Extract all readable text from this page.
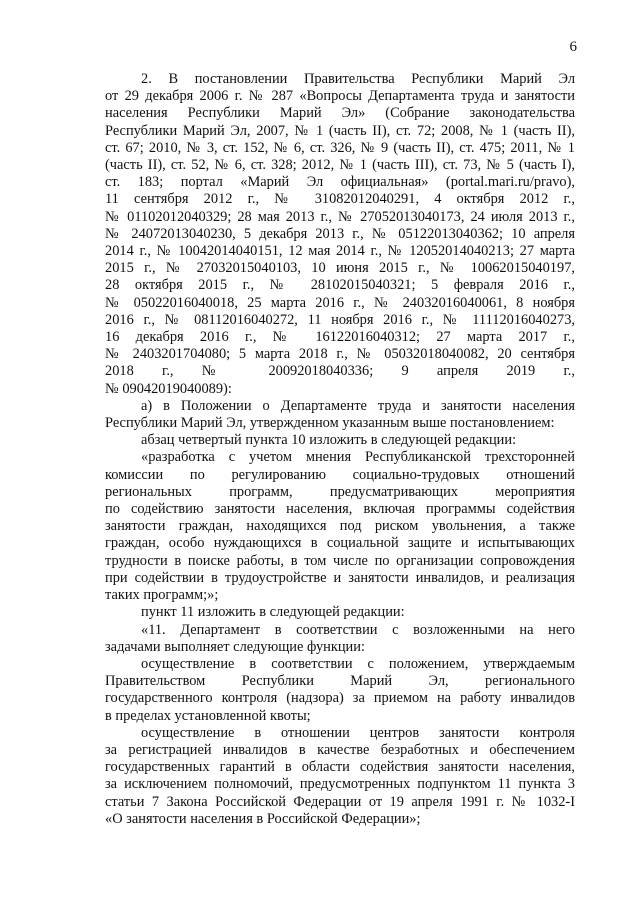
6

2. В постановлении Правительства Республики Марий Эл

от 29 декабря 2006 г. № 287 «Вопросы Департамента труда и занятости

населения Республики Марий Эл» (Собрание законодательства

Республики Марий Эл, 2007, № 1 (часть II), ст. 72; 2008, № 1 (часть II),

ст. 67; 2010, № 3, ст. 152, № 6, ст. 326, № 9 (часть II), ст. 475; 2011, № 1

(часть II), ст. 52, № 6, ст. 328; 2012, № 1 (часть III), ст. 73, № 5 (часть I),

ст. 183; портал «Марий Эл официальная» (portal.mari.ru/pravo),

11 сентября 2012 г., № 31082012040291, 4 октября 2012 г.,

№ 01102012040329; 28 мая 2013 г., № 27052013040173, 24 июля 2013 г.,

№ 24072013040230, 5 декабря 2013 г., № 05122013040362; 10 апреля

2014 г., № 10042014040151, 12 мая 2014 г., № 12052014040213; 27 марта

2015 г., № 27032015040103, 10 июня 2015 г., № 10062015040197,

28 октября 2015 г., № 28102015040321; 5 февраля 2016 г.,

№ 05022016040018, 25 марта 2016 г., № 24032016040061, 8 ноября

2016 г., № 08112016040272, 11 ноября 2016 г., № 11112016040273,

16 декабря 2016 г., № 16122016040312; 27 марта 2017 г.,

№ 2403201704080; 5 марта 2018 г., № 05032018040082, 20 сентября

2018 г., № 20092018040336; 9 апреля 2019 г.,

№ 09042019040089):

а) в Положении о Департаменте труда и занятости населения

Республики Марий Эл, утвержденном указанным выше постановлением:

абзац четвертый пункта 10 изложить в следующей редакции:

«разработка с учетом мнения Республиканской трехсторонней

комиссии по регулированию социально-трудовых отношений

региональных программ, предусматривающих мероприятия

по содействию занятости населения, включая программы содействия

занятости граждан, находящихся под риском увольнения, а также

граждан, особо нуждающихся в социальной защите и испытывающих

трудности в поиске работы, в том числе по организации сопровождения

при содействии в трудоустройстве и занятости инвалидов, и реализация

таких программ;»;

пункт 11 изложить в следующей редакции:

«11. Департамент в соответствии с возложенными на него

задачами выполняет следующие функции:

осуществление в соответствии с положением, утверждаемым

Правительством Республики Марий Эл, регионального

государственного контроля (надзора) за приемом на работу инвалидов

в пределах установленной квоты;

осуществление в отношении центров занятости контроля

за регистрацией инвалидов в качестве безработных и обеспечением

государственных гарантий в области содействия занятости населения,

за исключением полномочий, предусмотренных подпунктом 11 пункта 3

статьи 7 Закона Российской Федерации от 19 апреля 1991 г. № 1032-I

«О занятости населения в Российской Федерации»;
